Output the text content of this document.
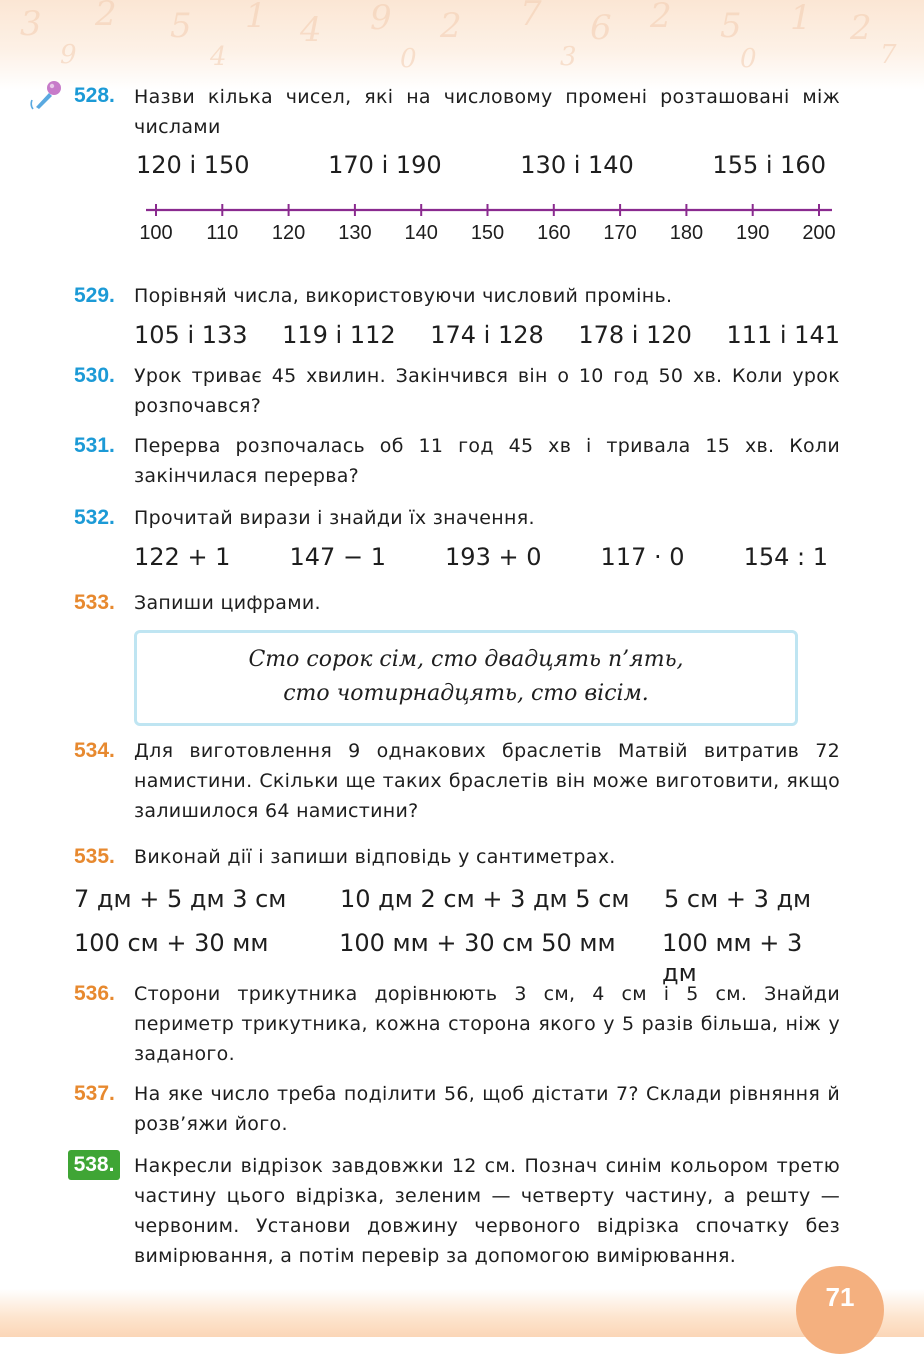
3 2 5 1 4 9 2 7 6 2 5 1 2
9	4	0	3	0	7
528. Назви кілька чисел, які на числовому промені розташовані між числами
120 і 150	170 і 190	130 і 140	155 і 160
100 110 120 130 140 150 160 170 180 190 200
529. Порівняй числа, використовуючи числовий промінь.
105 і 133 119 і 112 174 і 128 178 і 120 111 і 141
530. Урок триває 45 хвилин. Закінчився він о 10 год 50 хв. Коли урок розпочався?
531. Перерва розпочалась об 11 год 45 хв і тривала 15 хв. Коли закінчилася перерва?
532. Прочитай вирази і знайди їх значення.
122 + 1 147 − 1 193 + 0 117 · 0 154 : 1
533. Запиши цифрами.
Сто сорок сім, сто двадцять п’ять,
сто чотирнадцять, сто вісім.
534. Для виготовлення 9 однакових браслетів Матвій витратив 72 намистини. Скільки ще таких браслетів він може виготовити, якщо залишилося 64 намистини?
535. Виконай дії і запиши відповідь у сантиметрах.
7 дм + 5 дм 3 см	10 дм 2 см + 3 дм 5 см	5 см + 3 дм
100 см + 30 мм	100 мм + 30 см 50 мм	100 мм + 3 дм
536. Сторони трикутника дорівнюють 3 см, 4 см і 5 см. Знайди периметр трикутника, кожна сторона якого у 5 разів більша, ніж у заданого.
537. На яке число треба поділити 56, щоб дістати 7? Склади рівняння й розв’яжи його.
538. Накресли відрізок завдовжки 12 см. Познач синім кольором третю частину цього відрізка, зеленим — четверту частину, а решту — червоним. Установи довжину червоного відрізка спочатку без вимірювання, а потім перевір за допомогою вимірювання.
71
